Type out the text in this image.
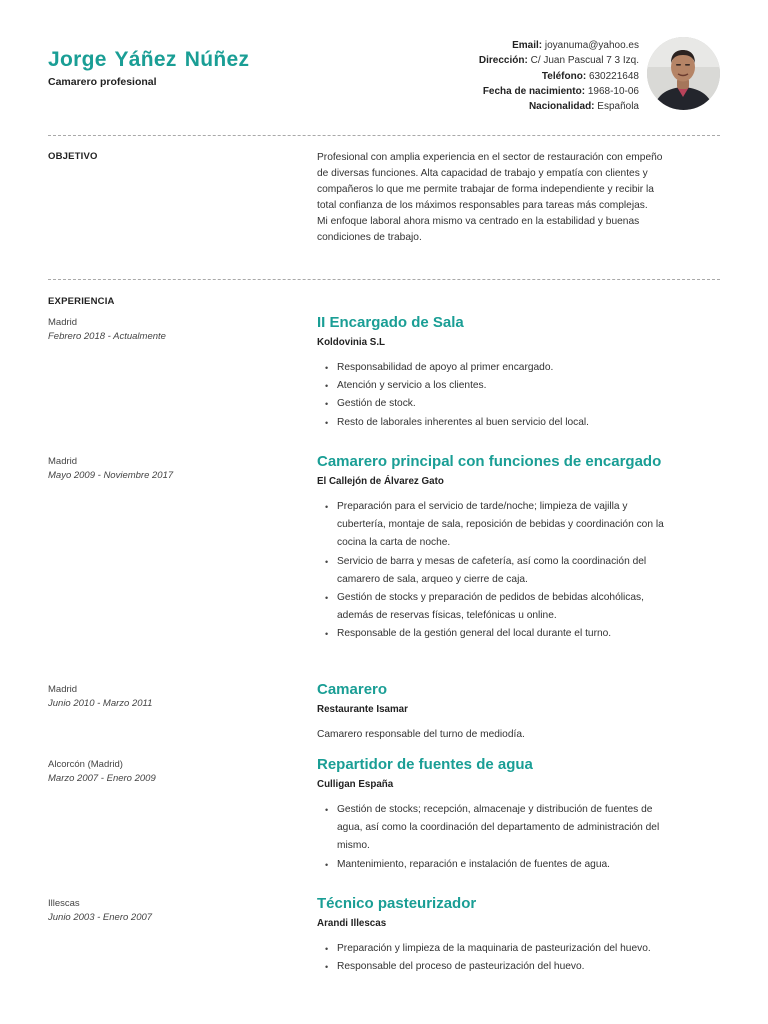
Jorge Yáñez Núñez
Camarero profesional
Email: joyanuma@yahoo.es
Dirección: C/ Juan Pascual 7 3 Izq.
Teléfono: 630221648
Fecha de nacimiento: 1968-10-06
Nacionalidad: Española
OBJETIVO	Profesional con amplia experiencia en el sector de restauración con empeño
de diversas funciones. Alta capacidad de trabajo y empatía con clientes y
compañeros lo que me permite trabajar de forma independiente y recibir la
total confianza de los máximos responsables para tareas más complejas.
Mi enfoque laboral ahora mismo va centrado en la estabilidad y buenas
condiciones de trabajo.
EXPERIENCIA
Madrid
Febrero 2018 - Actualmente
II Encargado de Sala
Koldovinia S.L
• Responsabilidad de apoyo al primer encargado.
• Atención y servicio a los clientes.
• Gestión de stock.
• Resto de laborales inherentes al buen servicio del local.
Madrid
Mayo 2009 - Noviembre 2017
Camarero principal con funciones de encargado
El Callejón de Álvarez Gato
• Preparación para el servicio de tarde/noche; limpieza de vajilla y
cubertería, montaje de sala, reposición de bebidas y coordinación con la
cocina la carta de noche.
• Servicio de barra y mesas de cafetería, así como la coordinación del
camarero de sala, arqueo y cierre de caja.
• Gestión de stocks y preparación de pedidos de bebidas alcohólicas,
además de reservas físicas, telefónicas u online.
• Responsable de la gestión general del local durante el turno.
Madrid
Junio 2010 - Marzo 2011
Camarero
Restaurante Isamar
Camarero responsable del turno de mediodía.
Alcorcón (Madrid)
Marzo 2007 - Enero 2009
Repartidor de fuentes de agua
Culligan España
• Gestión de stocks; recepción, almacenaje y distribución de fuentes de
agua, así como la coordinación del departamento de administración del
mismo.
• Mantenimiento, reparación e instalación de fuentes de agua.
Illescas
Junio 2003 - Enero 2007
Técnico pasteurizador
Arandi Illescas
• Preparación y limpieza de la maquinaria de pasteurización del huevo.
• Responsable del proceso de pasteurización del huevo.
